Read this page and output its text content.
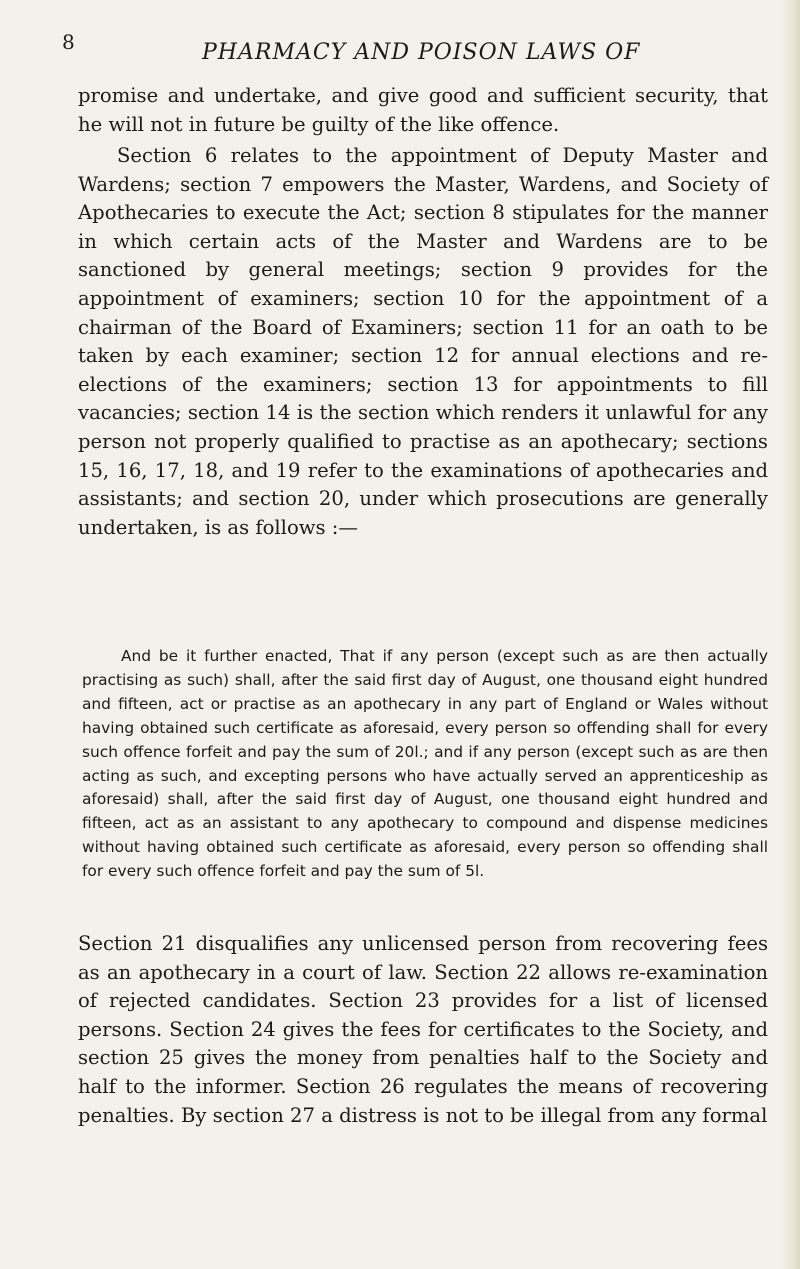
8	PHARMACY AND POISON LAWS OF

promise and undertake, and give good and sufficient security, that he will not in future be guilty of the like offence.

Section 6 relates to the appointment of Deputy Master and Wardens; section 7 empowers the Master, Wardens, and Society of Apothecaries to execute the Act; section 8 stipulates for the manner in which certain acts of the Master and Wardens are to be sanctioned by general meetings; section 9 provides for the appointment of examiners; section 10 for the appointment of a chairman of the Board of Examiners; section 11 for an oath to be taken by each examiner; section 12 for annual elections and re-elections of the examiners; section 13 for appointments to fill vacancies; section 14 is the section which renders it unlawful for any person not properly qualified to practise as an apothecary; sections 15, 16, 17, 18, and 19 refer to the examinations of apothecaries and assistants; and section 20, under which prosecutions are generally undertaken, is as follows :—

And be it further enacted, That if any person (except such as are then actually practising as such) shall, after the said first day of August, one thousand eight hundred and fifteen, act or practise as an apothecary in any part of England or Wales without having obtained such certificate as aforesaid, every person so offending shall for every such offence forfeit and pay the sum of 20l.; and if any person (except such as are then acting as such, and excepting persons who have actually served an apprenticeship as aforesaid) shall, after the said first day of August, one thousand eight hundred and fifteen, act as an assistant to any apothecary to compound and dispense medicines without having obtained such certificate as aforesaid, every person so offending shall for every such offence forfeit and pay the sum of 5l.

Section 21 disqualifies any unlicensed person from recovering fees as an apothecary in a court of law. Section 22 allows re-examination of rejected candidates. Section 23 provides for a list of licensed persons. Section 24 gives the fees for certificates to the Society, and section 25 gives the money from penalties half to the Society and half to the informer. Section 26 regulates the means of recovering penalties. By section 27 a distress is not to be illegal from any formal
